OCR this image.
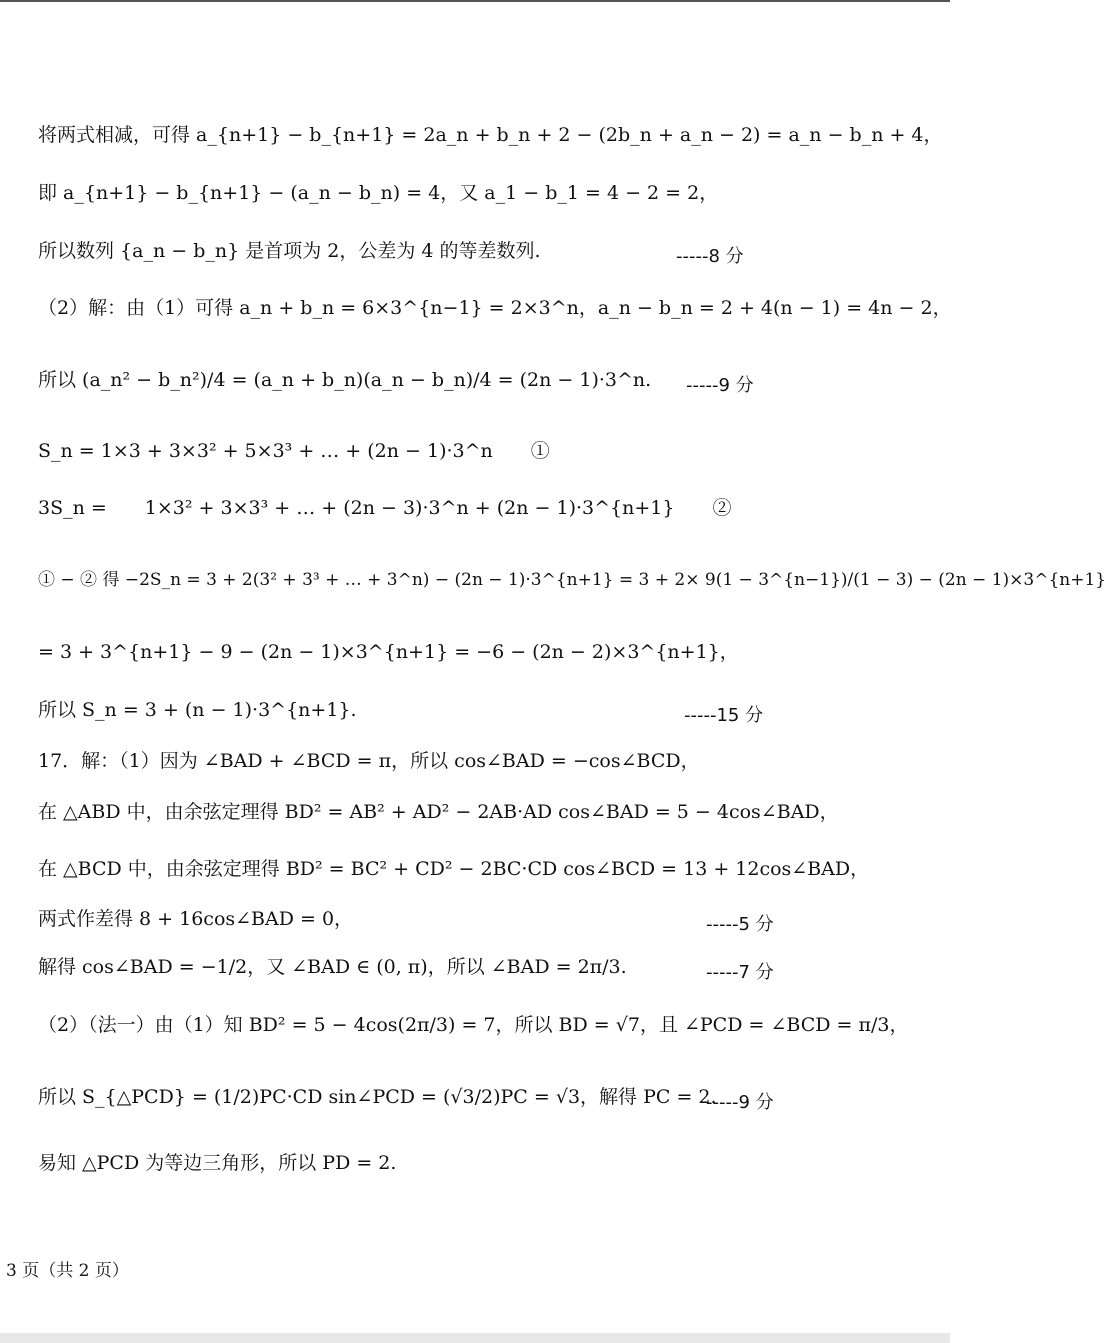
将两式相减，可得 a_{n+1} − b_{n+1} = 2a_n + b_n + 2 − (2b_n + a_n − 2) = a_n − b_n + 4，
即 a_{n+1} − b_{n+1} − (a_n − b_n) = 4，又 a_1 − b_1 = 4 − 2 = 2，
所以数列 {a_n − b_n} 是首项为 2，公差为 4 的等差数列.	-----8 分
（2）解：由（1）可得 a_n + b_n = 6×3^{n−1} = 2×3^n，a_n − b_n = 2 + 4(n − 1) = 4n − 2，
所以 (a_n² − b_n²)/4 = (a_n + b_n)(a_n − b_n)/4 = (2n − 1)·3^n. -----9 分
S_n = 1×3 + 3×3² + 5×3³ + … + (2n − 1)·3^n　　①
3S_n =　　1×3² + 3×3³ + … + (2n − 3)·3^n + (2n − 1)·3^{n+1}　　②
① − ② 得 −2S_n = 3 + 2(3² + 3³ + … + 3^n) − (2n − 1)·3^{n+1} = 3 + 2× 9(1 − 3^{n−1})/(1 − 3) − (2n − 1)×3^{n+1}
= 3 + 3^{n+1} − 9 − (2n − 1)×3^{n+1} = −6 − (2n − 2)×3^{n+1}，
所以 S_n = 3 + (n − 1)·3^{n+1}.	-----15 分
17．解：（1）因为 ∠BAD + ∠BCD = π，所以 cos∠BAD = −cos∠BCD，
在 △ABD 中，由余弦定理得 BD² = AB² + AD² − 2AB·AD cos∠BAD = 5 − 4cos∠BAD，
在 △BCD 中，由余弦定理得 BD² = BC² + CD² − 2BC·CD cos∠BCD = 13 + 12cos∠BAD，
两式作差得 8 + 16cos∠BAD = 0，	-----5 分
解得 cos∠BAD = −1/2，又 ∠BAD ∈ (0, π)，所以 ∠BAD = 2π/3.	-----7 分
（2）（法一）由（1）知 BD² = 5 − 4cos(2π/3) = 7，所以 BD = √7，且 ∠PCD = ∠BCD = π/3，
所以 S_{△PCD} = (1/2)PC·CD sin∠PCD = (√3/2)PC = √3，解得 PC = 2.
-----9 分
易知 △PCD 为等边三角形，所以 PD = 2.
3 页（共 2 页）
